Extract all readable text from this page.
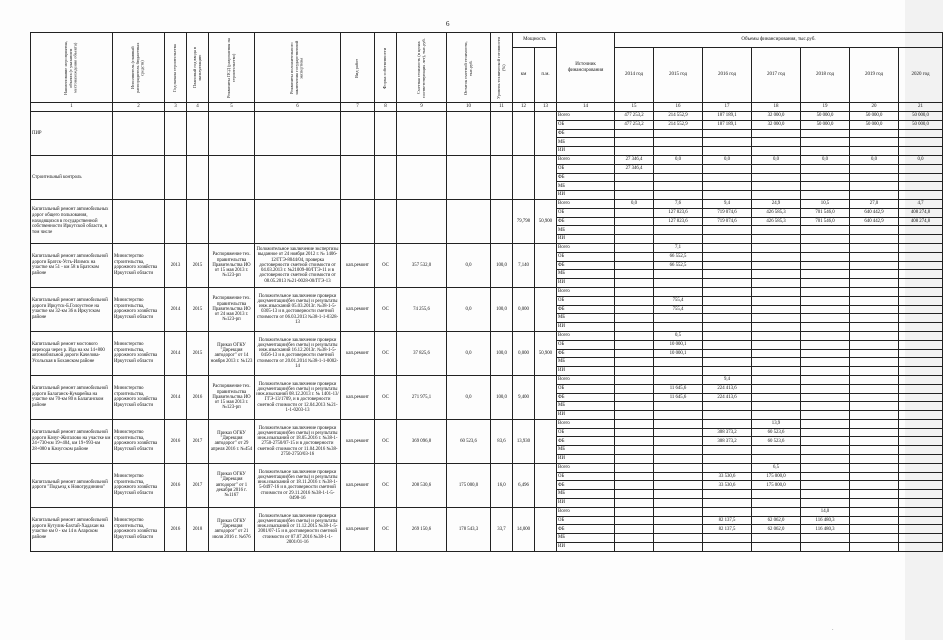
6
Наименование мероприятия, объекта (с указанием местонахождения объекта)	Исполнитель (главный распорядитель бюджетных средств)	Год начала строительства	Плановый год ввода в эксплуатацию	Реквизиты ПСД (разрешения на строительство)	Реквизиты положительного заключения государственной экспертизы	Вид работ	Форма собственности	Сметная стоимость (в ценах соответствующих лет), тыс.руб.	Остаток сметной стоимости, тыс.руб.	Уровень технической готовности (%)	Мощность		Источник финансирования	Объемы финансирования, тыс.руб.						
											км	п.м.		2014 год	2015 год	2016 год	2017 год	2018 год	2019 год	2020 год
1	2	3	4	5	6	7	8	9	10	11	12	13	14	15	16	17	18	19	20	21
ПИР													Всего	477 253,2	214 552,9	187 189,1	32 000,0	50 000,0	50 000,0	50 000,0
													ОБ	477 253,2	214 552,9	187 189,1	32 000,0	50 000,0	50 000,0	50 000,0
													ФБ							
													МБ							
													ИИ							
Строительный контроль													Всего	27 346,4	0,0	0,0	0,0	0,0	0,0	0,0
													ОБ	27 346,4						
													ФБ							
													МБ							
													ИИ							
Капитальный ремонт автомобильных дорог общего пользования, находящихся в государственной собственности Иркутской области, в том числе											79,798	50,900	Всего	0,0	7,6	9,4	24,9	10,5	27,0	4,7
													ОБ		127 823,6	719 074,6	426 585,3	701 546,0	640 442,9	408 274,8
													ФБ		127 823,6	719 074,6	426 585,3	701 546,0	640 442,9	408 274,8
													МБ							
													ИИ							
Капитальный ремонт автомобильной дороги Братск-Усть-Илимск на участке км 51 - км 58 в Братском районе	Министерство строительства, дорожного хозяйства Иркутской области	2013	2015	Распоряжение тех. правительства Правительства ИО от 15 мая 2013 г. №123-рп	Положительное заключение экспертизы выданное от 24 ноября 2012 г. № 1406-12/ГГЭ-8044/04, проверка достоверности сметной стоимости от 04.03.2013 г. №21009-00/ГГЭ-11 и в достоверности сметной стоимости от 08.05.2013 №21-0028-00/ГГЭ-13	кап.ремонт	ОС	357 532,0	0,0	100,0	7,140		Всего		7,1					
													ОБ		66 552,5					
													ФБ		66 552,5					
													МБ							
													ИИ							
Капитальный ремонт автомобильной дороги Иркутск-Б.Голоустное на участке км 32-км 36 в Иркутском районе	Министерство строительства, дорожного хозяйства Иркутской области	2014	2015	Распоряжение тех. правительства Правительства ИО от 24 мая 2013 г. №123-рп	Положительное заключение проверки документации(без сметы) и результаты инж.изысканий 05.03.2013г. №38-1-5-0305-13 и в достоверности сметной стоимости от 06.03.2013 №38-1-1-0328-13	кап.ремонт	ОС	74 255,6	0,0	100,0	0,000		Всего							
													ОБ		755,4					
													ФБ		755,4					
													МБ							
													ИИ							
Капитальный ремонт мостового перехода через р. Ида на км 14+800 автомобильной дороги Качелова-Усольская в Боханском районе	Министерство строительства, дорожного хозяйства Иркутской области	2014	2015	Приказ ОГКУ "Дирекция автодорог" от 14 ноября 2013 г. №123	Положительное заключение проверки документации(без сметы) и результаты инж.изысканий 16.12.2013г. №38-1-5-0456-13 и в достоверности сметной стоимости от 20.01.2014 №38-1-1-0002-14	кап.ремонт	ОС	37 825,6	0,0	100,0	0,000	50,900	Всего		0,5					
													ОБ		10 000,1					
													ФБ		10 000,1					
													МБ							
													ИИ							
Капитальный ремонт автомобильной дороги Балаганск-Кумарейка на участке км 70-км 80 в Балаганском районе	Министерство строительства, дорожного хозяйства Иркутской области	2014	2016	Распоряжение тех. правительства Правительства ИО от 15 мая 2013 г. №123-рп	Положительное заключение проверки документации(без сметы) и результаты инж.изысканий 08.12.2013 г. № 1401-13/ГГЭ-13/1709, и в достоверности сметной стоимости от 12.04.2013 №21-1-1-0203-13	кап.ремонт	ОС	271 975,1	0,0	100,0	9,400		Всего			9,4				
													ОБ		11 645,6	224 413,6				
													ФБ		11 645,6	224 413,6				
													МБ							
													ИИ							
Капитальный ремонт автомобильной дороги Качуг-Жигалово на участке км 24+730-км 19+404, км 19+993-км 28+080 в Качугском районе	Министерство строительства, дорожного хозяйства Иркутской области	2016	2017	Приказ ОГКУ "Дирекция автодорог" от 29 апреля 2016 г. №454	Положительное заключение проверки документации(без сметы) и результаты инж.изысканий от 18.05.2016 г. №38-1-2750-2750/07-15 и в достоверности сметной стоимости от 11.04.2016 №38-2750-2750/03-16	кап.ремонт	ОС	369 096,8	60 523,6	83,6	13,930		Всего				13,9			
													ОБ			308 373,2	60 523,6			
													ФБ			308 373,2	60 523,6			
													МБ							
													ИИ							
Капитальный ремонт автомобильной дороги "Подъезд к Новогрудинино"	Министерство строительства, дорожного хозяйства Иркутской области	2016	2017	Приказ ОГКУ "Дирекция автодорог" от 1 декабря 2016 г. №1167	Положительное заключение проверки документации(без сметы) и результаты инж.изысканий от 18.11.2016 г. №38-1-5-0497-16 и в достоверности сметной стоимости от 29.11.2016 №38-1-1-5-0498-16	кап.ремонт	ОС	208 530,6	175 000,0	16,0	6,496		Всего				6,5			
													ОБ			33 530,6	175 000,0			
													ФБ			33 530,6	175 000,0			
													МБ							
													ИИ							
Капитальный ремонт автомобильной дороги Кутулик-Бахтай-Хадахан на участке км 0 - км 14 в Аларском районе	Министерство строительства, дорожного хозяйства Иркутской области	2016	2018	Приказ ОГКУ "Дирекция автодорог" от 21 июля 2016 г. №676	Положительное заключение проверки документации(без сметы) и результаты инж.изысканий от 11.12.2015 №38-1-5-2001/07-15 и в достоверности сметной стоимости от 07.07.2016 №38-1-1-2001/01-16	кап.ремонт	ОС	269 150,6	178 543,3	33,7	14,000		Всего					14,0		
													ОБ			82 137,5	62 062,0	116 480,3		
													ФБ			82 137,5	62 062,0	116 480,3		
													МБ							
													ИИ							
·
